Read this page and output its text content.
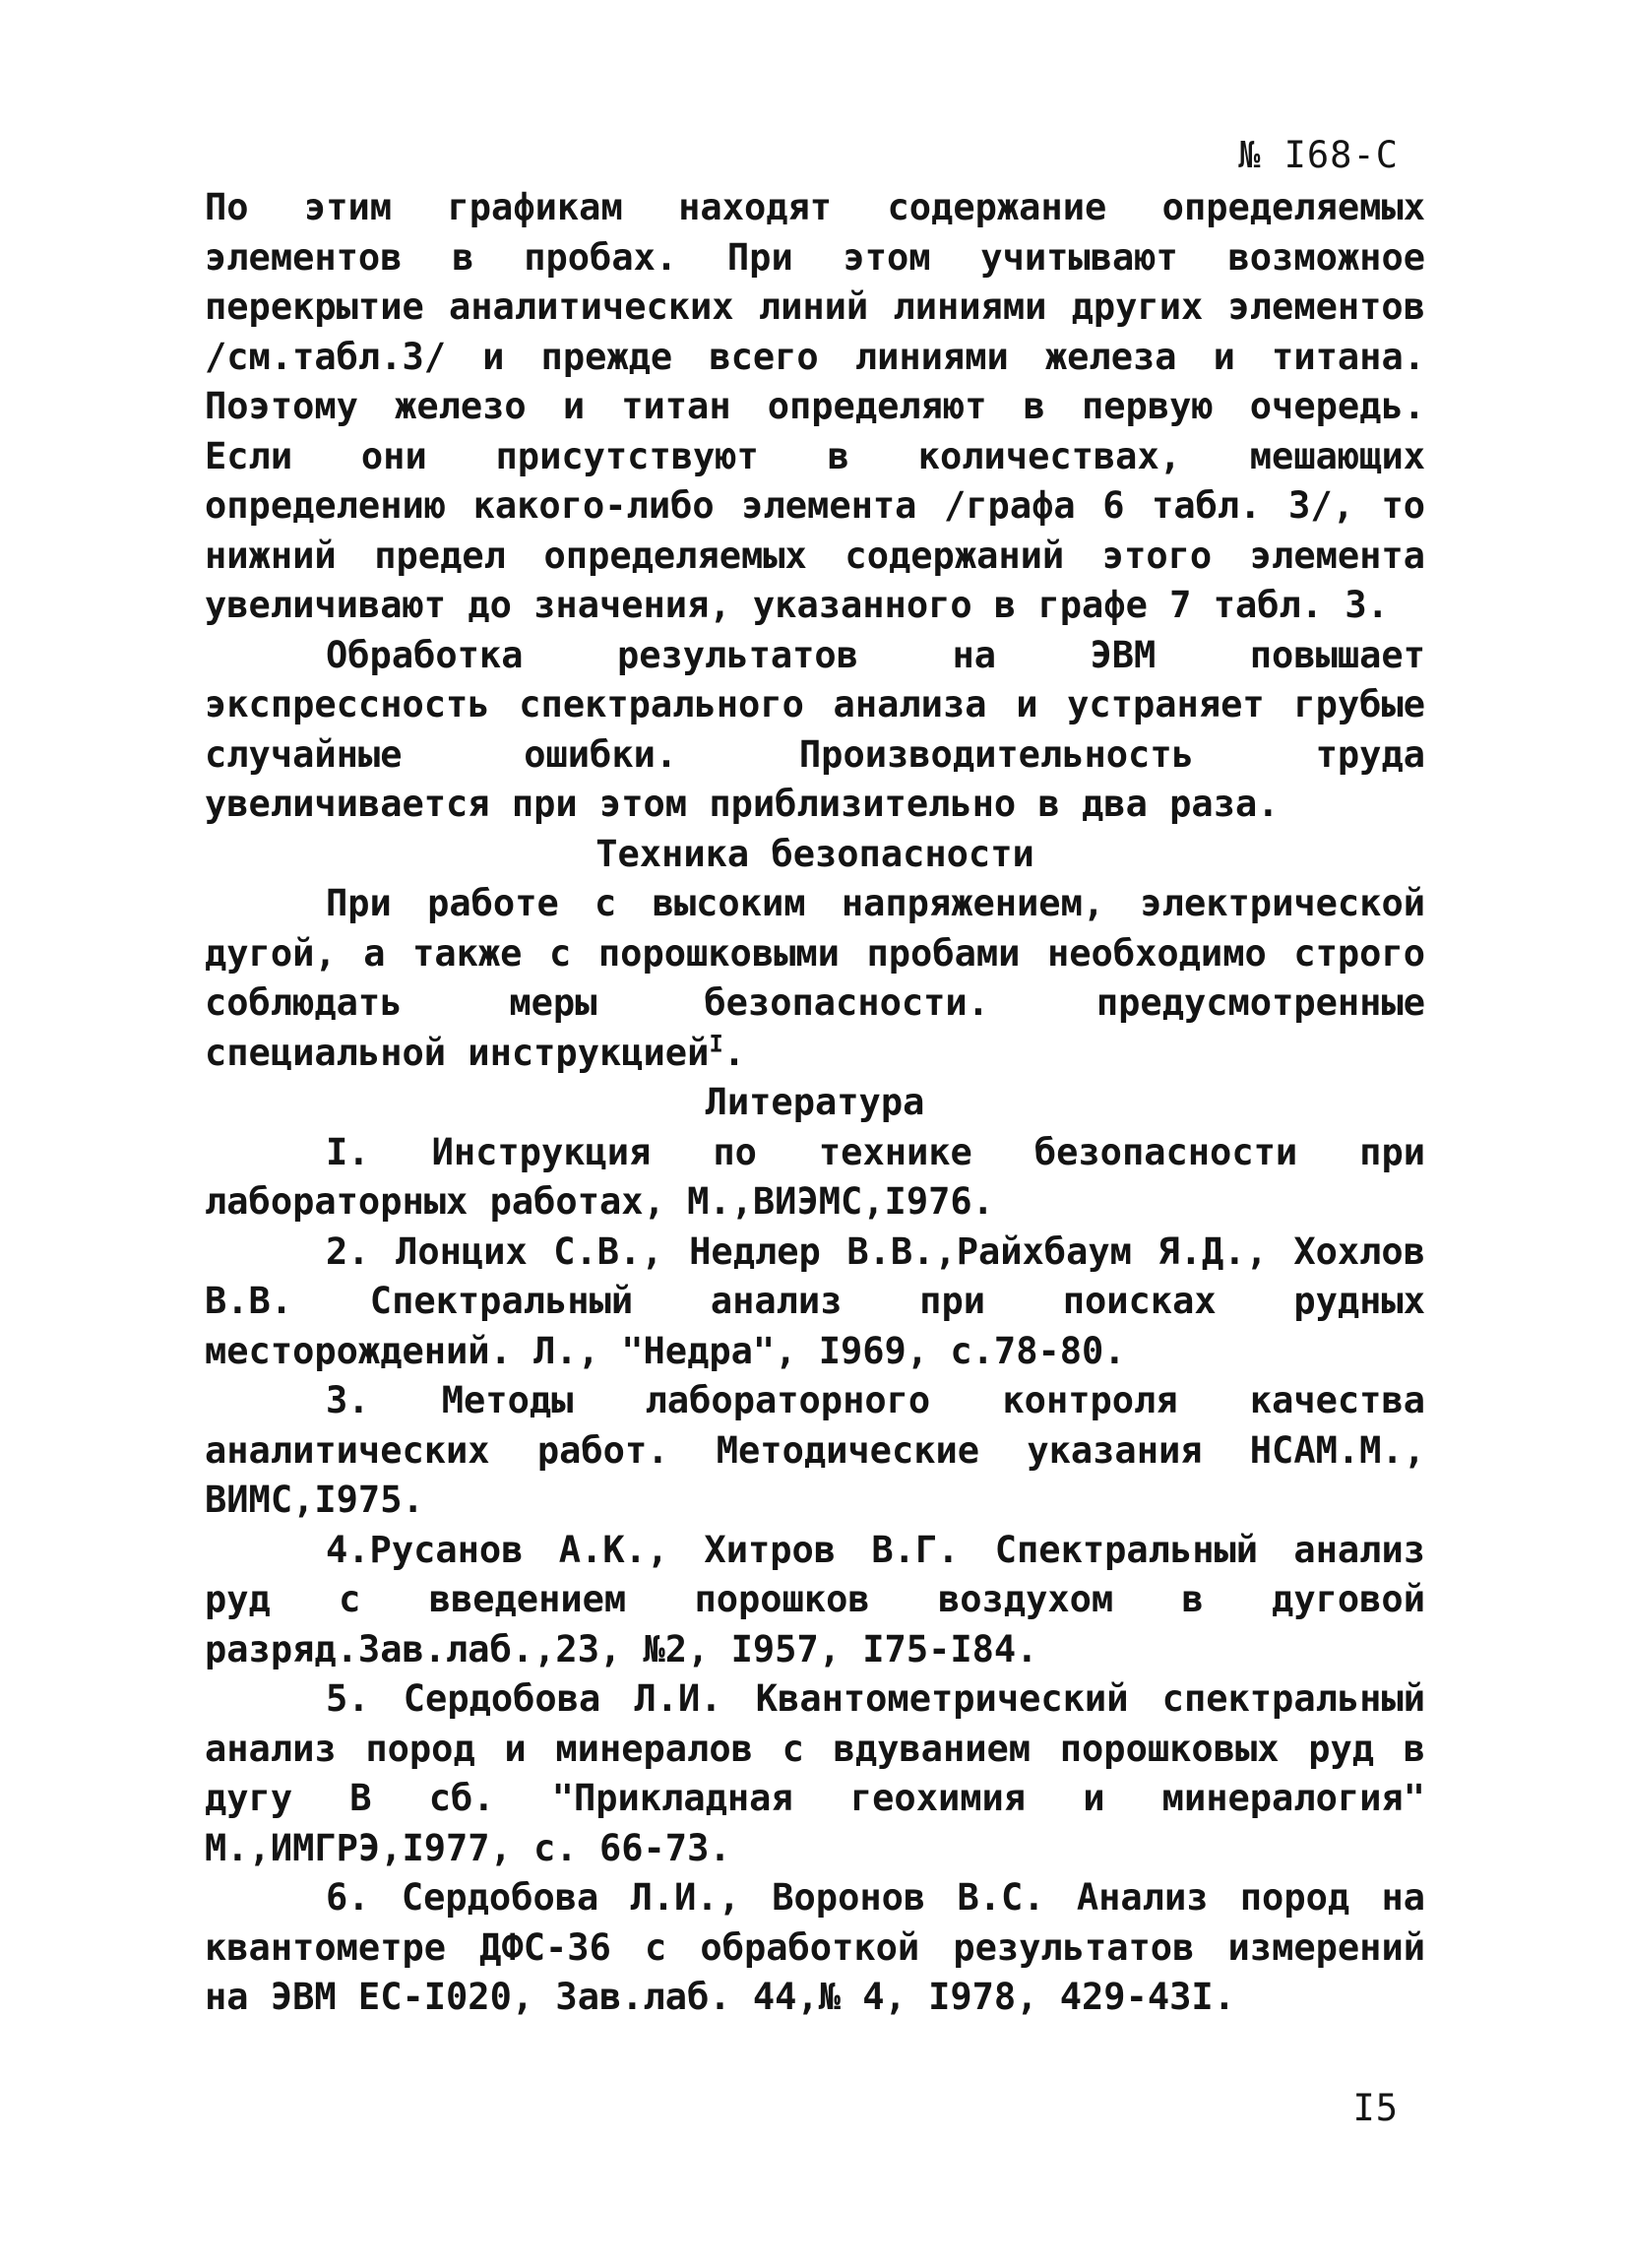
№ I68-C

По этим графикам находят содержание определяемых элементов в пробах. При этом учитывают возможное перекрытие аналитических линий линиями других элементов /см.табл.3/ и прежде всего линиями железа и титана. Поэтому железо и титан определяют в первую очередь. Если они присутствуют в количествах, мешающих определению какого-либо элемента /графа 6 табл. 3/, то нижний предел определяемых содержаний этого элемента увеличивают до значения, указанного в графе 7 табл. 3.

Обработка результатов на ЭВМ повышает экспрессность спектрального анализа и устраняет грубые случайные ошибки. Производительность труда увеличивается при этом приблизительно в два раза.

Техника безопасности

При работе с высоким напряжением, электрической дугой, а также с порошковыми пробами необходимо строго соблюдать меры безопасности. предусмотренные специальной инструкцией$^I$.

Литература

I. Инструкция по технике безопасности при лабораторных работах, М.,ВИЭМС,I976.

2. Лонцих С.В., Недлер В.В.,Райхбаум Я.Д., Хохлов В.В. Спектральный анализ при поисках рудных месторождений. Л., "Недра", I969, с.78-80.

3. Методы лабораторного контроля качества аналитических работ. Методические указания НСАМ.М., ВИМС,I975.

4.Русанов А.К., Хитров В.Г. Спектральный анализ руд с введением порошков воздухом в дуговой разряд.Зав.лаб.,23, №2, I957, I75-I84.

5. Сердобова Л.И. Квантометрический спектральный анализ пород и минералов с вдуванием порошковых руд в дугу В сб. "Прикладная геохимия и минералогия" М.,ИМГРЭ,I977, с. 66-73.

6. Сердобова Л.И., Воронов В.С. Анализ пород на квантометре ДФС-36 с обработкой результатов измерений на ЭВМ ЕС-I020, Зав.лаб. 44,№ 4, I978, 429-43I.

I5
